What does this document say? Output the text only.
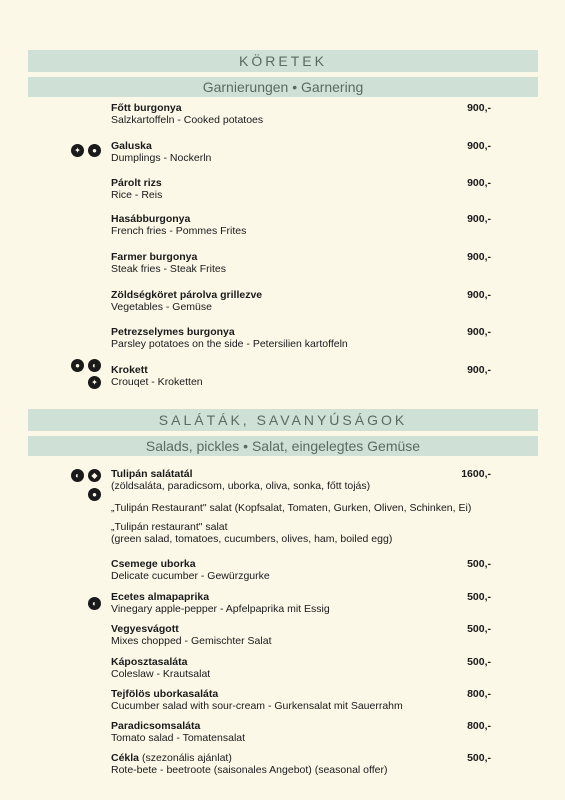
KÖRETEK
Garnierungen • Garnering
Főtt burgonya
Salzkartoffeln - Cooked potatoes
900,-
✦	●	Galuska
Dumplings - Nockerln
900,-
Párolt rizs
Rice - Reis
900,-
Hasábburgonya
French fries - Pommes Frites
900,-
Farmer burgonya
Steak fries - Steak Frites
900,-
Zöldségköret párolva grillezve
Vegetables - Gemüse
900,-
Petrezselymes burgonya
Parsley potatoes on the side - Petersilien kartoffeln
900,-
●	◐
✦
Krokett
Crouqet - Kroketten
900,-
SALÁTÁK, SAVANYÚSÁGOK
Salads, pickles • Salat, eingelegtes Gemüse
◐	◆
●
Tulipán salátatál
(zöldsaláta, paradicsom, uborka, oliva, sonka, főtt tojás)
1600,-
„Tulipán Restaurant" salat (Kopfsalat, Tomaten, Gurken, Oliven, Schinken, Ei)
„Tulipán restaurant" salat
(green salad, tomatoes, cucumbers, olives, ham, boiled egg)
Csemege uborka
Delicate cucumber - Gewürzgurke
500,-
◐
Ecetes almapaprika
Vinegary apple-pepper - Apfelpaprika mit Essig
500,-
Vegyesvágott
Mixes chopped - Gemischter Salat
500,-
Káposztasaláta
Coleslaw - Krautsalat
500,-
Tejfölös uborkasaláta
Cucumber salad with sour-cream - Gurkensalat mit Sauerrahm
800,-
Paradicsomsaláta
Tomato salad - Tomatensalat
800,-
Cékla (szezonális ajánlat)
Rote-bete - beetroote (saisonales Angebot) (seasonal offer)
500,-
